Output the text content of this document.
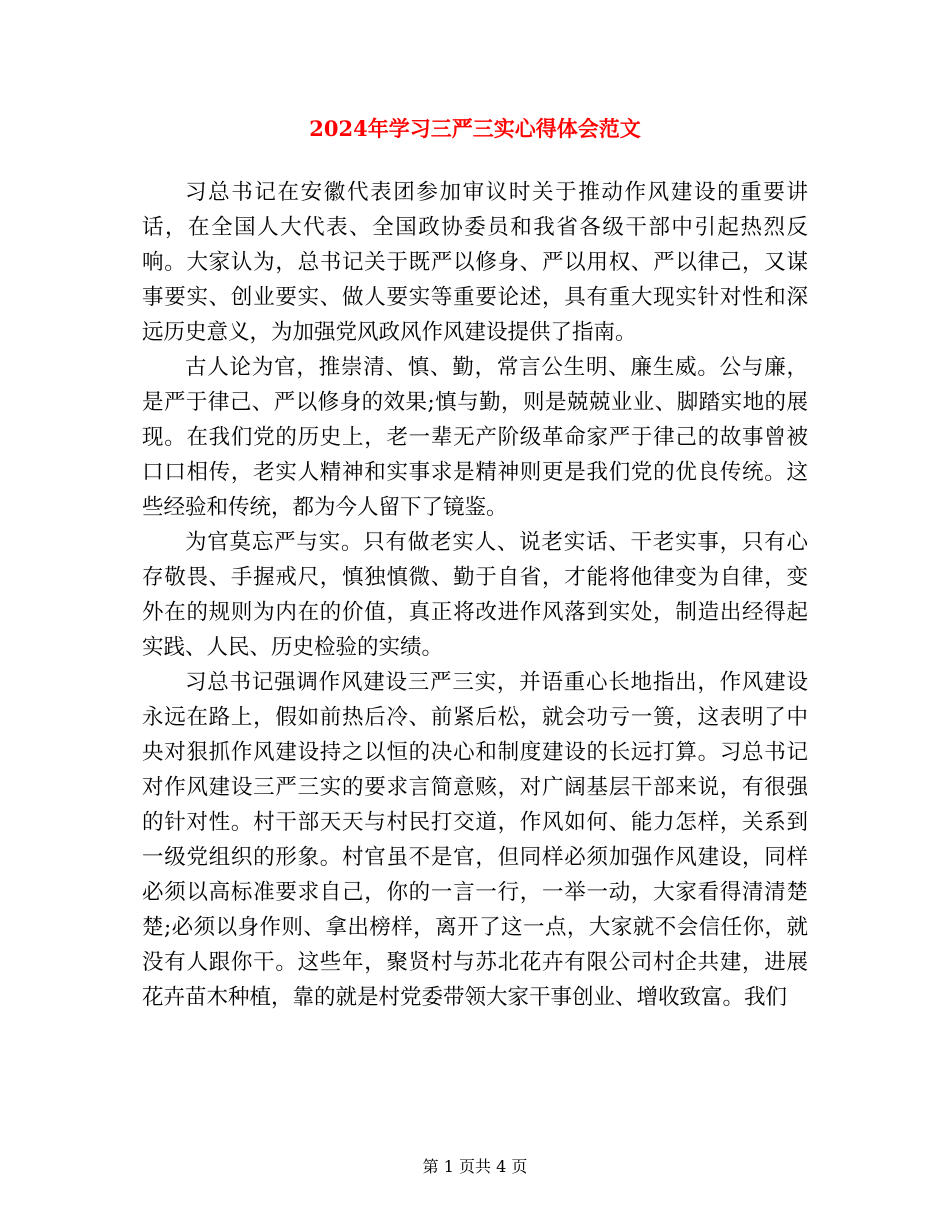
2024年学习三严三实心得体会范文

习总书记在安徽代表团参加审议时关于推动作风建设的重要讲话，在全国人大代表、全国政协委员和我省各级干部中引起热烈反响。大家认为，总书记关于既严以修身、严以用权、严以律己，又谋事要实、创业要实、做人要实等重要论述，具有重大现实针对性和深远历史意义，为加强党风政风作风建设提供了指南。

古人论为官，推崇清、慎、勤，常言公生明、廉生威。公与廉，是严于律己、严以修身的效果;慎与勤，则是兢兢业业、脚踏实地的展现。在我们党的历史上，老一辈无产阶级革命家严于律己的故事曾被口口相传，老实人精神和实事求是精神则更是我们党的优良传统。这些经验和传统，都为今人留下了镜鉴。

为官莫忘严与实。只有做老实人、说老实话、干老实事，只有心存敬畏、手握戒尺，慎独慎微、勤于自省，才能将他律变为自律，变外在的规则为内在的价值，真正将改进作风落到实处，制造出经得起实践、人民、历史检验的实绩。

习总书记强调作风建设三严三实，并语重心长地指出，作风建设永远在路上，假如前热后冷、前紧后松，就会功亏一篑，这表明了中央对狠抓作风建设持之以恒的决心和制度建设的长远打算。习总书记对作风建设三严三实的要求言简意赅，对广阔基层干部来说，有很强的针对性。村干部天天与村民打交道，作风如何、能力怎样，关系到一级党组织的形象。村官虽不是官，但同样必须加强作风建设，同样必须以高标准要求自己，你的一言一行，一举一动，大家看得清清楚楚;必须以身作则、拿出榜样，离开了这一点，大家就不会信任你，就没有人跟你干。这些年，聚贤村与苏北花卉有限公司村企共建，进展花卉苗木种植，靠的就是村党委带领大家干事创业、增收致富。我们

第 1 页共 4 页
